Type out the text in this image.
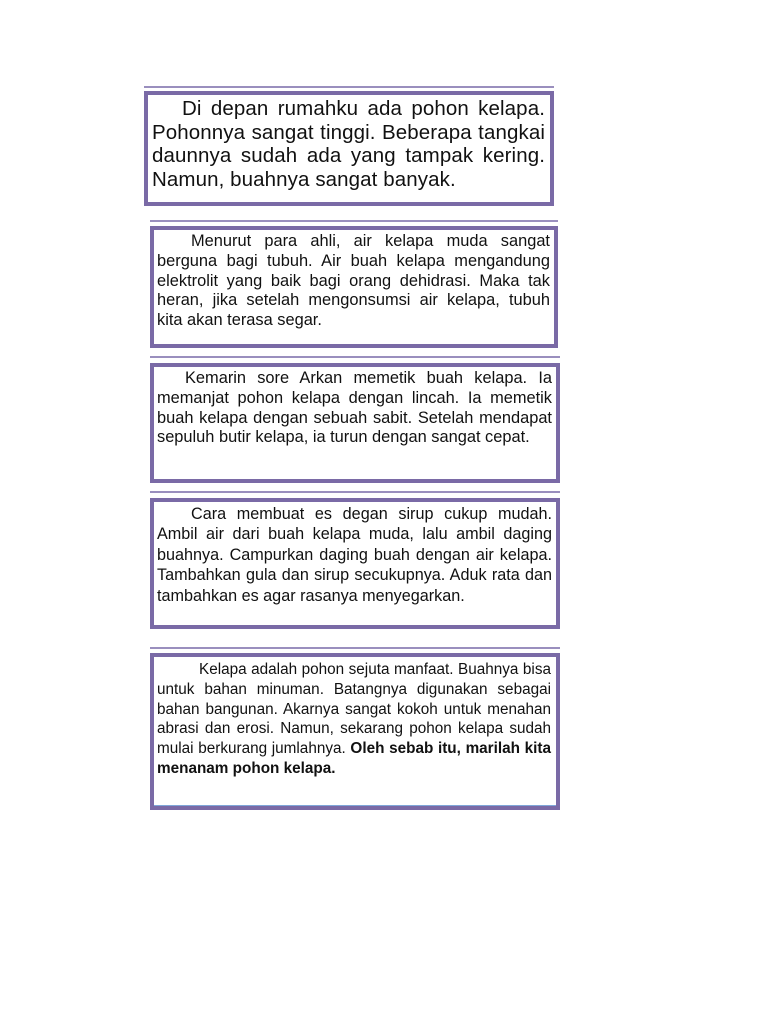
Di depan rumahku ada pohon kelapa. Pohonnya sangat tinggi. Beberapa tangkai daunnya sudah ada yang tampak kering. Namun, buahnya sangat banyak.

Menurut para ahli, air kelapa muda sangat berguna bagi tubuh. Air buah kelapa mengandung elektrolit yang baik bagi orang dehidrasi. Maka tak heran, jika setelah mengonsumsi air kelapa, tubuh kita akan terasa segar.

Kemarin sore Arkan memetik buah kelapa. Ia memanjat pohon kelapa dengan lincah. Ia memetik buah kelapa dengan sebuah sabit. Setelah mendapat sepuluh butir kelapa, ia turun dengan sangat cepat.

Cara membuat es degan sirup cukup mudah. Ambil air dari buah kelapa muda, lalu ambil daging buahnya. Campurkan daging buah dengan air kelapa. Tambahkan gula dan sirup secukupnya. Aduk rata dan tambahkan es agar rasanya menyegarkan.

Kelapa adalah pohon sejuta manfaat. Buahnya bisa untuk bahan minuman. Batangnya digunakan sebagai bahan bangunan. Akarnya sangat kokoh untuk menahan abrasi dan erosi. Namun, sekarang pohon kelapa sudah mulai berkurang jumlahnya. Oleh sebab itu, marilah kita menanam pohon kelapa.
